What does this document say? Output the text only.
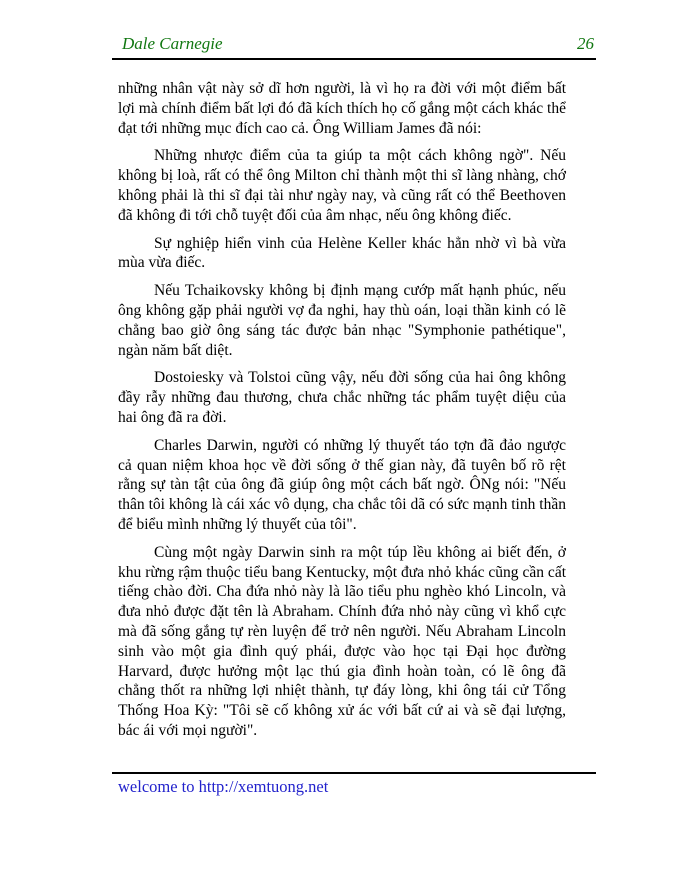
Dale Carnegie	26

những nhân vật này sở dĩ hơn người, là vì họ ra đời với một điểm bất lợi mà chính điểm bất lợi đó đã kích thích họ cố gắng một cách khác thể đạt tới những mục đích cao cả. Ông William James đã nói:

Những nhược điểm của ta giúp ta một cách không ngờ". Nếu không bị loà, rất có thể ông Milton chỉ thành một thi sĩ làng nhàng, chớ không phải là thi sĩ đại tài như ngày nay, và cũng rất có thể Beethoven đã không đi tới chỗ tuyệt đối của âm nhạc, nếu ông không điếc.

Sự nghiệp hiển vinh của Helène Keller khác hẳn nhờ vì bà vừa mùa vừa điếc.

Nếu Tchaikovsky không bị định mạng cướp mất hạnh phúc, nếu ông không gặp phải người vợ đa nghi, hay thù oán, loại thần kinh có lẽ chẳng bao giờ ông sáng tác được bản nhạc "Symphonie pathétique", ngàn năm bất diệt.

Dostoiesky và Tolstoi cũng vậy, nếu đời sống của hai ông không đầy rẫy những đau thương, chưa chắc những tác phẩm tuyệt diệu của hai ông đã ra đời.

Charles Darwin, người có những lý thuyết táo tợn đã đảo ngược cả quan niệm khoa học về đời sống ở thế gian này, đã tuyên bố rõ rệt rằng sự tàn tật của ông đã giúp ông một cách bất ngờ. ÔNg nói: "Nếu thân tôi không là cái xác vô dụng, cha chắc tôi dã có sức mạnh tinh thần để biểu mình những lý thuyết của tôi".

Cùng một ngày Darwin sinh ra một túp lều không ai biết đến, ở khu rừng rậm thuộc tiểu bang Kentucky, một đưa nhỏ khác cũng cần cất tiếng chào đời. Cha đứa nhỏ này là lão tiểu phu nghèo khó Lincoln, và đưa nhỏ được đặt tên là Abraham. Chính đứa nhỏ này cũng vì khổ cực mà đã sống gắng tự rèn luyện để trở nên người. Nếu Abraham Lincoln sinh vào một gia đình quý phái, được vào học tại Đại học đường Harvard, được hưởng một lạc thú gia đình hoàn toàn, có lẽ ông đã chẳng thốt ra những lợi nhiệt thành, tự đáy lòng, khi ông tái cử Tổng Thống Hoa Kỳ: "Tôi sẽ cố không xử ác với bất cứ ai và sẽ đại lượng, bác ái với mọi người".

welcome to http://xemtuong.net
